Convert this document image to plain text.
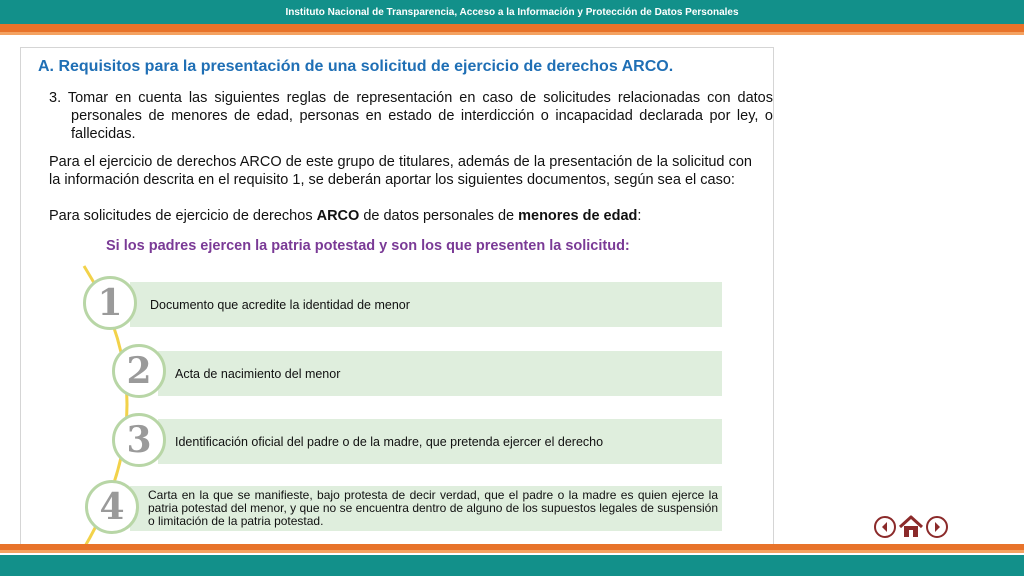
Instituto Nacional de Transparencia, Acceso a la Información y Protección de Datos Personales
A. Requisitos para la presentación de una solicitud de ejercicio de derechos ARCO.
3. Tomar en cuenta las siguientes reglas de representación en caso de solicitudes relacionadas con datos personales de menores de edad, personas en estado de interdicción o incapacidad declarada por ley, o fallecidas.
Para el ejercicio de derechos ARCO de este grupo de titulares, además de la presentación de la solicitud con la información descrita en el requisito 1, se deberán aportar los siguientes documentos, según sea el caso:
Para solicitudes de ejercicio de derechos ARCO de datos personales de menores de edad:
Si los padres ejercen la patria potestad y son los que presenten la solicitud:
Documento que acredite la identidad de menor
Acta de nacimiento del menor
Identificación oficial del padre o de la madre, que pretenda ejercer el derecho
Carta en la que se manifieste, bajo protesta de decir verdad, que el padre o la madre es quien ejerce la patria potestad del menor, y que no se encuentra dentro de alguno de los supuestos legales de suspensión o limitación de la patria potestad.
1
2
3
4
